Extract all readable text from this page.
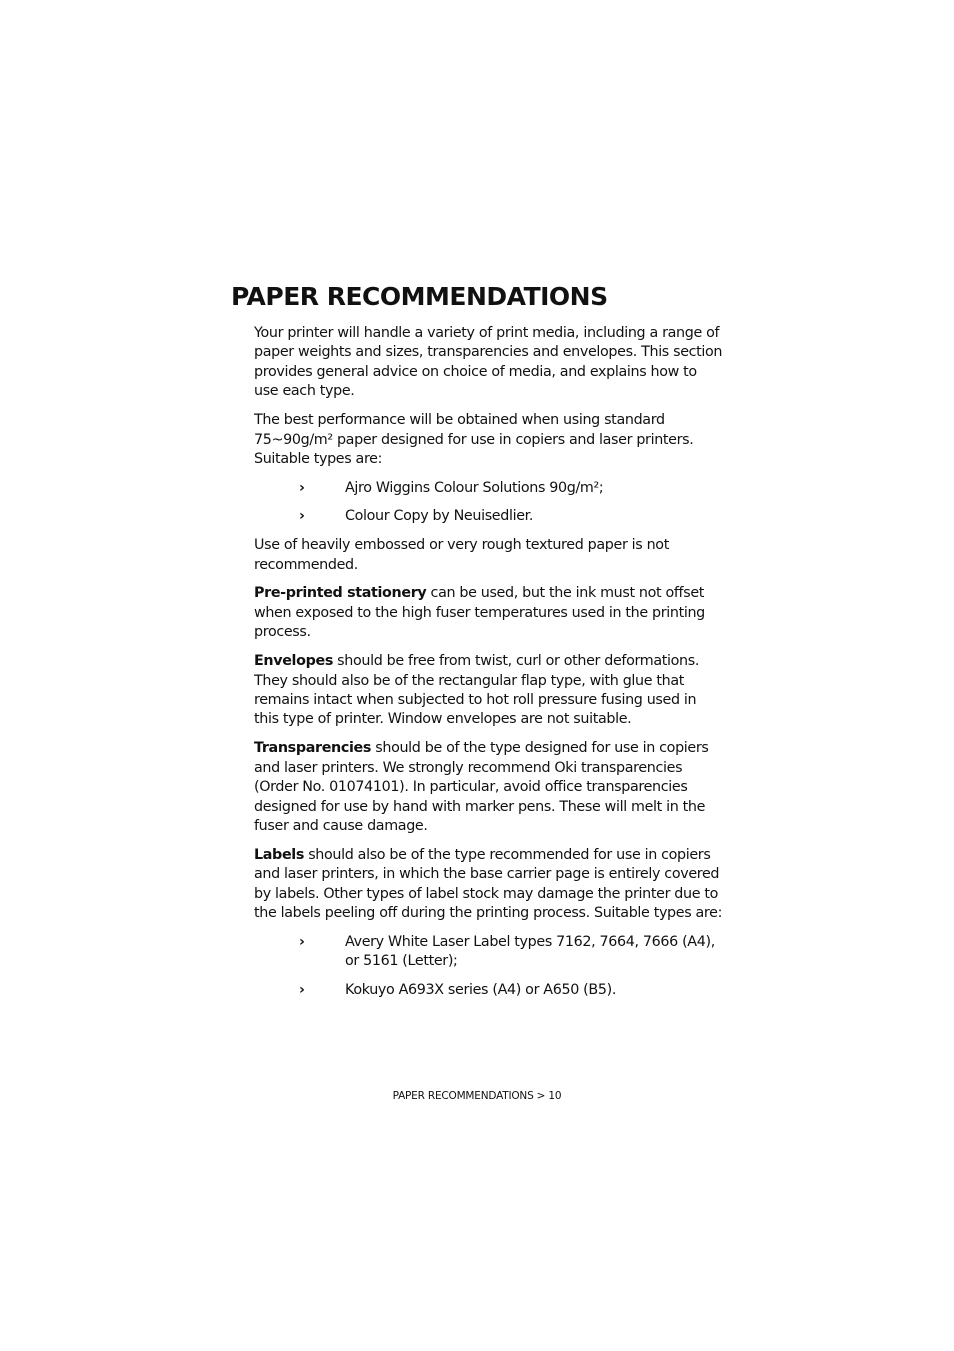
PAPER RECOMMENDATIONS

Your printer will handle a variety of print media, including a range of paper weights and sizes, transparencies and envelopes. This section provides general advice on choice of media, and explains how to use each type.

The best performance will be obtained when using standard 75~90g/m² paper designed for use in copiers and laser printers. Suitable types are:

›	Ajro Wiggins Colour Solutions 90g/m²;
›	Colour Copy by Neuisedlier.

Use of heavily embossed or very rough textured paper is not recommended.

Pre-printed stationery can be used, but the ink must not offset when exposed to the high fuser temperatures used in the printing process.

Envelopes should be free from twist, curl or other deformations. They should also be of the rectangular flap type, with glue that remains intact when subjected to hot roll pressure fusing used in this type of printer. Window envelopes are not suitable.

Transparencies should be of the type designed for use in copiers and laser printers. We strongly recommend Oki transparencies (Order No. 01074101). In particular, avoid office transparencies designed for use by hand with marker pens. These will melt in the fuser and cause damage.

Labels should also be of the type recommended for use in copiers and laser printers, in which the base carrier page is entirely covered by labels. Other types of label stock may damage the printer due to the labels peeling off during the printing process. Suitable types are:

›	Avery White Laser Label types 7162, 7664, 7666 (A4), or 5161 (Letter);
›	Kokuyo A693X series (A4) or A650 (B5).
PAPER RECOMMENDATIONS > 10
